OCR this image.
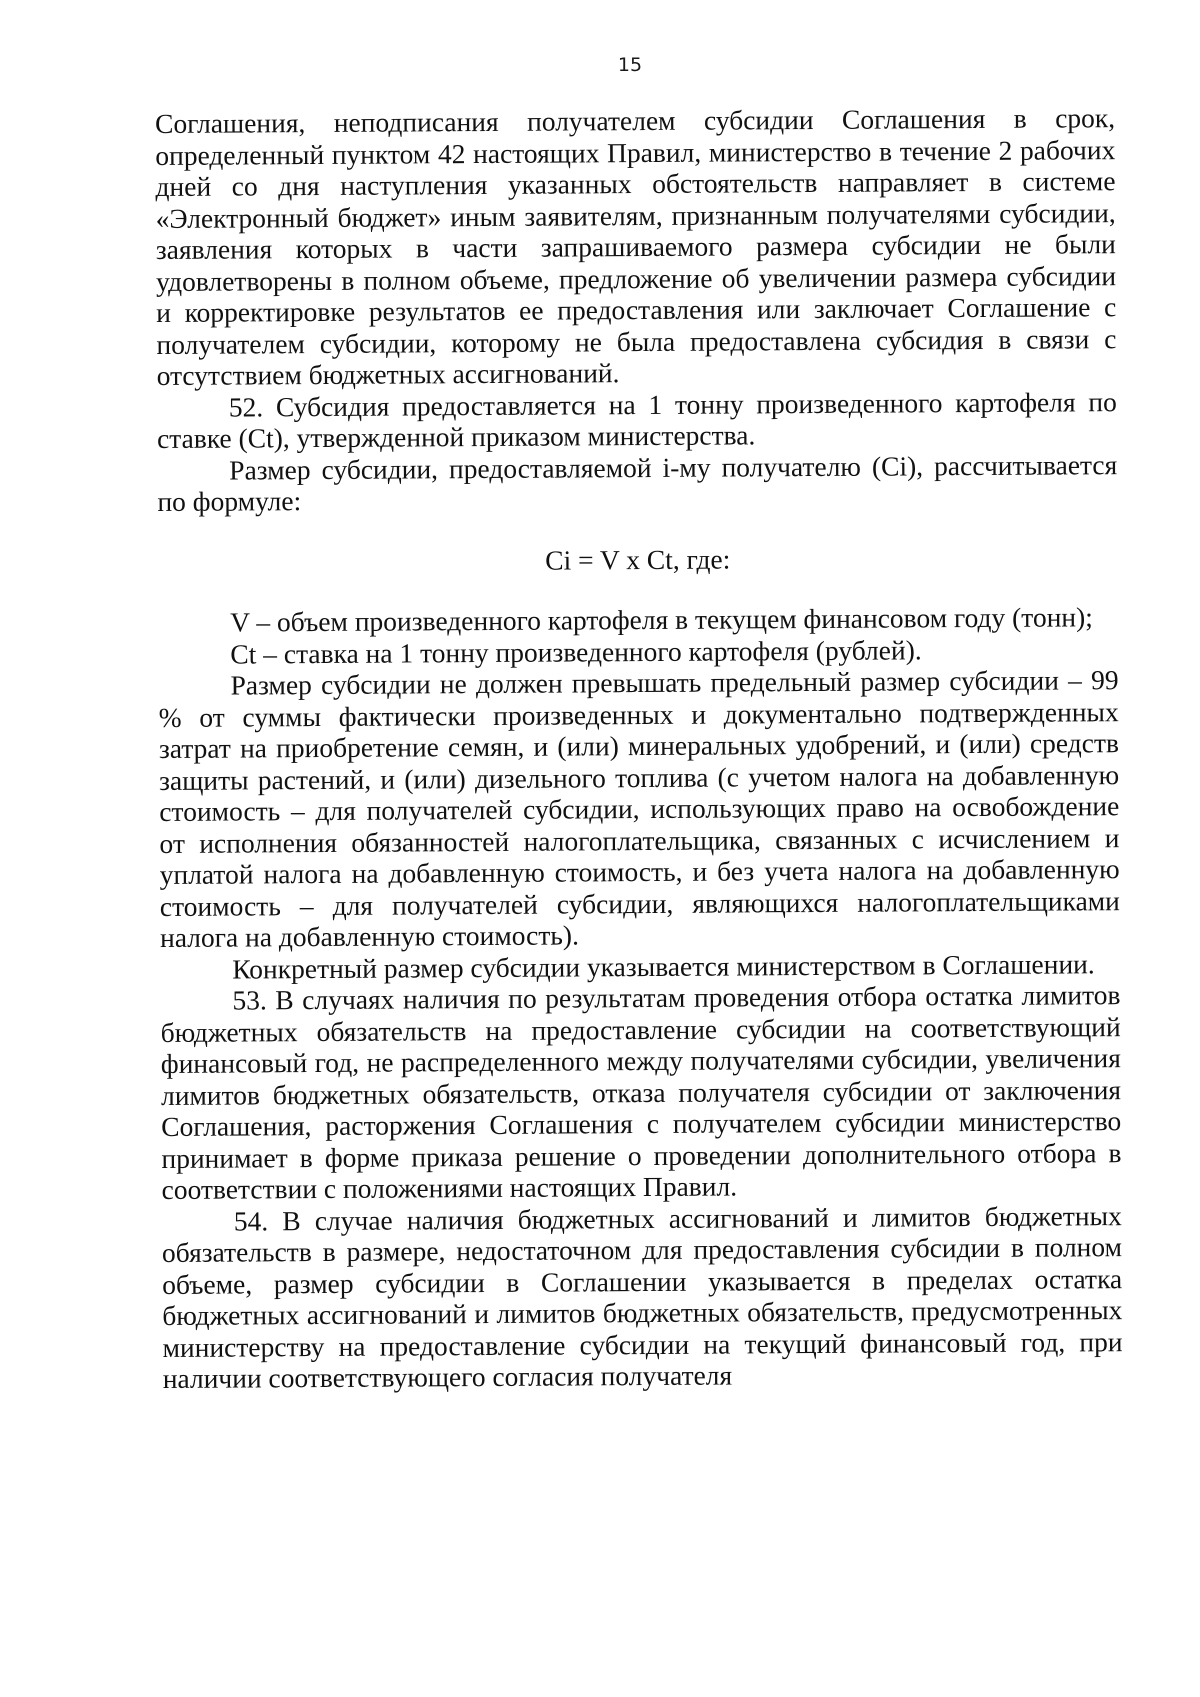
15

Соглашения, неподписания получателем субсидии Соглашения в срок, определенный пунктом 42 настоящих Правил, министерство в течение 2 рабочих дней со дня наступления указанных обстоятельств направляет в системе «Электронный бюджет» иным заявителям, признанным получателями субсидии, заявления которых в части запрашиваемого размера субсидии не были удовлетворены в полном объеме, предложение об увеличении размера субсидии и корректировке результатов ее предоставления или заключает Соглашение с получателем субсидии, которому не была предоставлена субсидия в связи с отсутствием бюджетных ассигнований.

52. Субсидия предоставляется на 1 тонну произведенного картофеля по ставке (Ct), утвержденной приказом министерства.

Размер субсидии, предоставляемой i-му получателю (Ci), рассчитывается по формуле:

Ci = V x Ct, где:

V – объем произведенного картофеля в текущем финансовом году (тонн);

Ct – ставка на 1 тонну произведенного картофеля (рублей).

Размер субсидии не должен превышать предельный размер субсидии – 99 % от суммы фактически произведенных и документально подтвержденных затрат на приобретение семян, и (или) минеральных удобрений, и (или) средств защиты растений, и (или) дизельного топлива (с учетом налога на добавленную стоимость – для получателей субсидии, использующих право на освобождение от исполнения обязанностей налогоплательщика, связанных с исчислением и уплатой налога на добавленную стоимость, и без учета налога на добавленную стоимость – для получателей субсидии, являющихся налогоплательщиками налога на добавленную стоимость).

Конкретный размер субсидии указывается министерством в Соглашении.

53. В случаях наличия по результатам проведения отбора остатка лимитов бюджетных обязательств на предоставление субсидии на соответствующий финансовый год, не распределенного между получателями субсидии, увеличения лимитов бюджетных обязательств, отказа получателя субсидии от заключения Соглашения, расторжения Соглашения с получателем субсидии министерство принимает в форме приказа решение о проведении дополнительного отбора в соответствии с положениями настоящих Правил.

54. В случае наличия бюджетных ассигнований и лимитов бюджетных обязательств в размере, недостаточном для предоставления субсидии в полном объеме, размер субсидии в Соглашении указывается в пределах остатка бюджетных ассигнований и лимитов бюджетных обязательств, предусмотренных министерству на предоставление субсидии на текущий финансовый год, при наличии соответствующего согласия получателя
